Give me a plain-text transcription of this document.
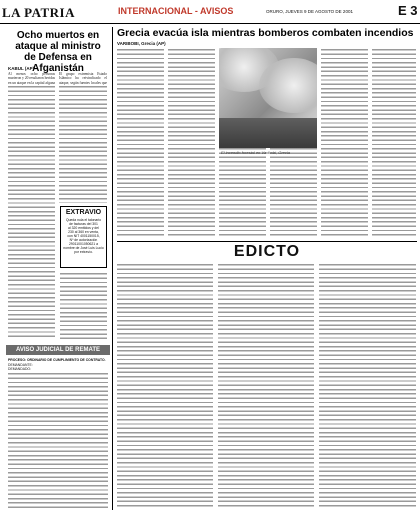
LA PATRIA	INTERNACIONAL - AVISOS	ORURO, JUEVES 9 DE AGOSTO DE 2001	E 3
Ocho muertos en ataque al ministro de Defensa en Afganistán
KABUL (AP)
Al menos ocho personas murieron y 20 resultaron heridas en un ataque en la capital afgana
El grupo extremista Estado Islámico ha reivindicado el ataque, según fuentes locales que
EXTRAVIO
Queda nula el talonario
de facturas del 301
al 320 emitidos y del
230 al 360 en venta,
con NIT 4001150015,
Nº de autorización
29011001050621 a
nombre de José Luis Lucio
por extravío.
AVISO JUDICIAL DE REMATE
PROCESO: ORDINARIO DE CUMPLIMIENTO DE CONTRATO.
DEMANDANTE:
DEMANDADO:
Grecia evacúa isla mientras bomberos combaten incendios
VARIBOBI, Grecia (AP)
El incendio forestal en Varibobi, Grecia
EDICTO
